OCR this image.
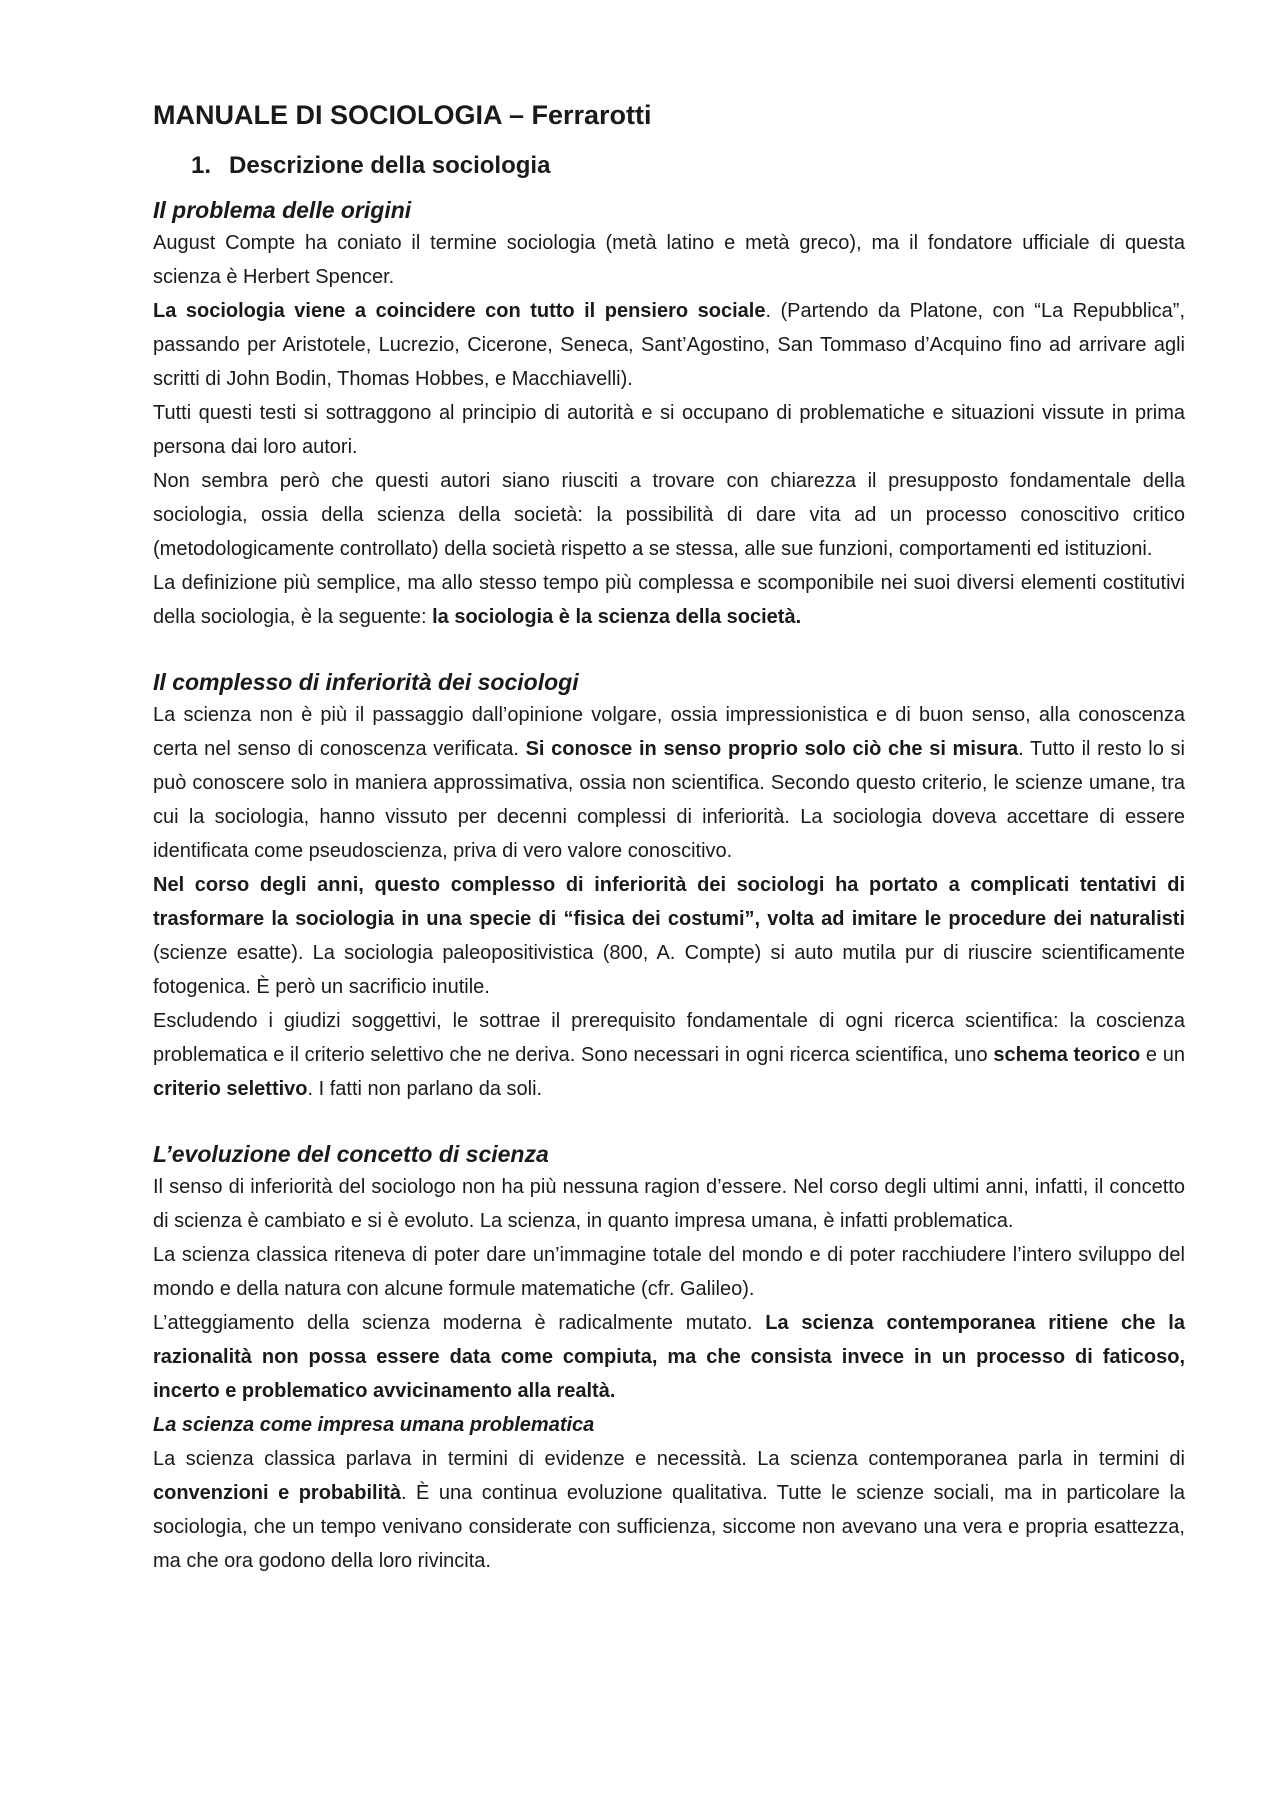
MANUALE DI SOCIOLOGIA – Ferrarotti
1. Descrizione della sociologia
Il problema delle origini

August Compte ha coniato il termine sociologia (metà latino e metà greco), ma il fondatore ufficiale di questa scienza è Herbert Spencer.

La sociologia viene a coincidere con tutto il pensiero sociale. (Partendo da Platone, con “La Repubblica”, passando per Aristotele, Lucrezio, Cicerone, Seneca, Sant’Agostino, San Tommaso d’Acquino fino ad arrivare agli scritti di John Bodin, Thomas Hobbes, e Macchiavelli).

Tutti questi testi si sottraggono al principio di autorità e si occupano di problematiche e situazioni vissute in prima persona dai loro autori.

Non sembra però che questi autori siano riusciti a trovare con chiarezza il presupposto fondamentale della sociologia, ossia della scienza della società: la possibilità di dare vita ad un processo conoscitivo critico (metodologicamente controllato) della società rispetto a se stessa, alle sue funzioni, comportamenti ed istituzioni.

La definizione più semplice, ma allo stesso tempo più complessa e scomponibile nei suoi diversi elementi costitutivi della sociologia, è la seguente: la sociologia è la scienza della società.

Il complesso di inferiorità dei sociologi

La scienza non è più il passaggio dall’opinione volgare, ossia impressionistica e di buon senso, alla conoscenza certa nel senso di conoscenza verificata. Si conosce in senso proprio solo ciò che si misura. Tutto il resto lo si può conoscere solo in maniera approssimativa, ossia non scientifica. Secondo questo criterio, le scienze umane, tra cui la sociologia, hanno vissuto per decenni complessi di inferiorità. La sociologia doveva accettare di essere identificata come pseudoscienza, priva di vero valore conoscitivo.

Nel corso degli anni, questo complesso di inferiorità dei sociologi ha portato a complicati tentativi di trasformare la sociologia in una specie di “fisica dei costumi”, volta ad imitare le procedure dei naturalisti (scienze esatte). La sociologia paleopositivistica (800, A. Compte) si auto mutila pur di riuscire scientificamente fotogenica. È però un sacrificio inutile.

Escludendo i giudizi soggettivi, le sottrae il prerequisito fondamentale di ogni ricerca scientifica: la coscienza problematica e il criterio selettivo che ne deriva. Sono necessari in ogni ricerca scientifica, uno schema teorico e un criterio selettivo. I fatti non parlano da soli.

L’evoluzione del concetto di scienza

Il senso di inferiorità del sociologo non ha più nessuna ragion d’essere. Nel corso degli ultimi anni, infatti, il concetto di scienza è cambiato e si è evoluto. La scienza, in quanto impresa umana, è infatti problematica.

La scienza classica riteneva di poter dare un’immagine totale del mondo e di poter racchiudere l’intero sviluppo del mondo e della natura con alcune formule matematiche (cfr. Galileo).

L’atteggiamento della scienza moderna è radicalmente mutato. La scienza contemporanea ritiene che la razionalità non possa essere data come compiuta, ma che consista invece in un processo di faticoso, incerto e problematico avvicinamento alla realtà.

La scienza come impresa umana problematica

La scienza classica parlava in termini di evidenze e necessità. La scienza contemporanea parla in termini di convenzioni e probabilità. È una continua evoluzione qualitativa. Tutte le scienze sociali, ma in particolare la sociologia, che un tempo venivano considerate con sufficienza, siccome non avevano una vera e propria esattezza, ma che ora godono della loro rivincita.
